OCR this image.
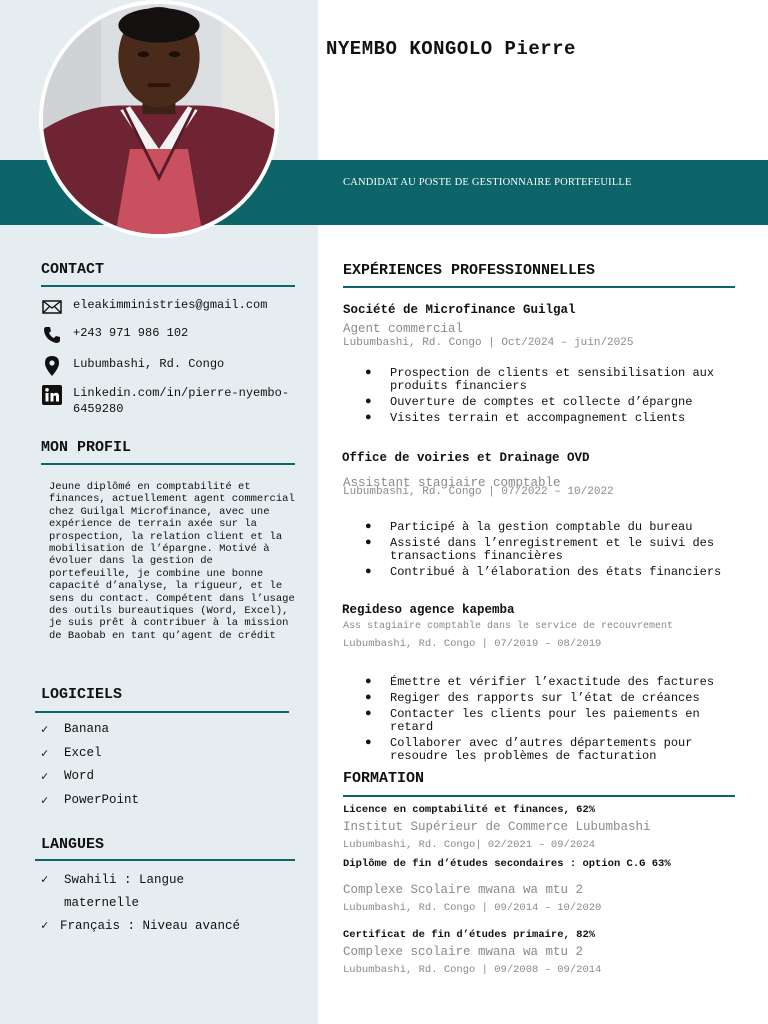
CANDIDAT AU POSTE DE GESTIONNAIRE PORTEFEUILLE
NYEMBO KONGOLO Pierre
CONTACT
eleakimministries@gmail.com
+243 971 986 102
Lubumbashi, Rd. Congo
Linkedin.com/in/pierre-nyembo-6459280
MON PROFIL
Jeune diplômé en comptabilité et finances, actuellement agent commercial chez Guilgal Microfinance, avec une expérience de terrain axée sur la prospection, la relation client et la mobilisation de l’épargne. Motivé à évoluer dans la gestion de portefeuille, je combine une bonne capacité d’analyse, la rigueur, et le sens du contact. Compétent dans l’usage des outils bureautiques (Word, Excel), je suis prêt à contribuer à la mission de Baobab en tant qu’agent de crédit
LOGICIELS
✓	Banana
✓	Excel
✓	Word
✓	PowerPoint
LANGUES
✓	Swahili : Langue maternelle
✓ Français : Niveau avancé
EXPÉRIENCES PROFESSIONNELLES
Société de Microfinance Guilgal
Agent commercial
Lubumbashi, Rd. Congo | Oct/2024 – juin/2025
●	Prospection de clients et sensibilisation aux produits financiers
●	Ouverture de comptes et collecte d’épargne
●	Visites terrain et accompagnement clients
Office de voiries et Drainage OVD
Assistant stagiaire comptable
Lubumbashi, Rd. Congo | 07/2022 – 10/2022
●	Participé à la gestion comptable du bureau
●	Assisté dans l’enregistrement et le suivi des transactions financières
●	Contribué à l’élaboration des états financiers
Regideso agence kapemba
Ass stagiaire comptable dans le service de recouvrement
Lubumbashi, Rd. Congo | 07/2019 – 08/2019
●	Émettre et vérifier l’exactitude des factures
●	Regiger des rapports sur l’état de créances
●	Contacter les clients pour les paiements en retard
●	Collaborer avec d’autres départements pour resoudre les problèmes de facturation
FORMATION
Licence en comptabilité et finances, 62%
Institut Supérieur de Commerce Lubumbashi
Lubumbashi, Rd. Congo| 02/2021 – 09/2024
Diplôme de fin d’études secondaires : option C.G 63%
Complexe Scolaire mwana wa mtu 2
Lubumbashi, Rd. Congo | 09/2014 – 10/2020
Certificat de fin d’études primaire, 82%
Complexe scolaire mwana wa mtu 2
Lubumbashi, Rd. Congo | 09/2008 – 09/2014
